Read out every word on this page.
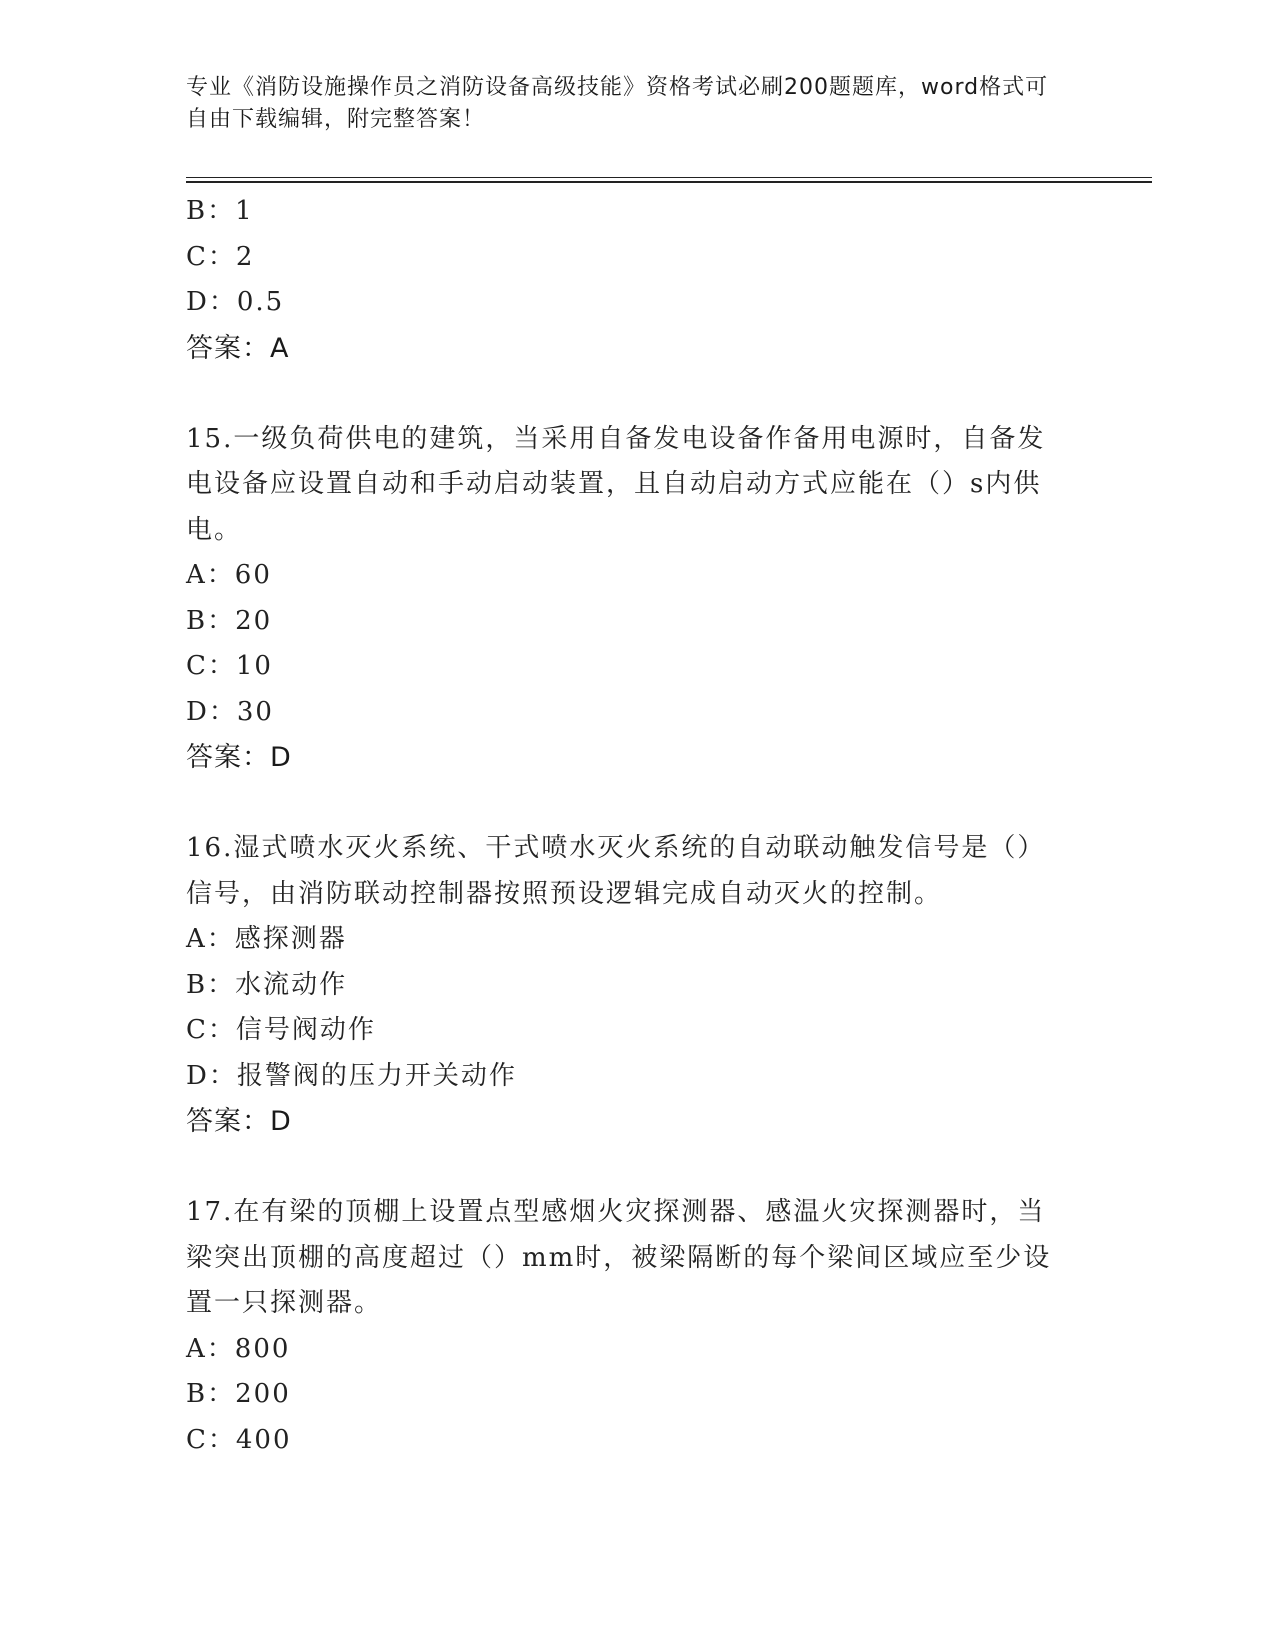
专业《消防设施操作员之消防设备高级技能》资格考试必刷200题题库，word格式可自由下载编辑，附完整答案！
B：1
C：2
D：0.5
答案：A
15.一级负荷供电的建筑，当采用自备发电设备作备用电源时，自备发
电设备应设置自动和手动启动装置，且自动启动方式应能在（）s内供
电。
A：60
B：20
C：10
D：30
答案：D
16.湿式喷水灭火系统、干式喷水灭火系统的自动联动触发信号是（）
信号，由消防联动控制器按照预设逻辑完成自动灭火的控制。
A：感探测器
B：水流动作
C：信号阀动作
D：报警阀的压力开关动作
答案：D
17.在有梁的顶棚上设置点型感烟火灾探测器、感温火灾探测器时，当
梁突出顶棚的高度超过（）mm时，被梁隔断的每个梁间区域应至少设
置一只探测器。
A：800
B：200
C：400
